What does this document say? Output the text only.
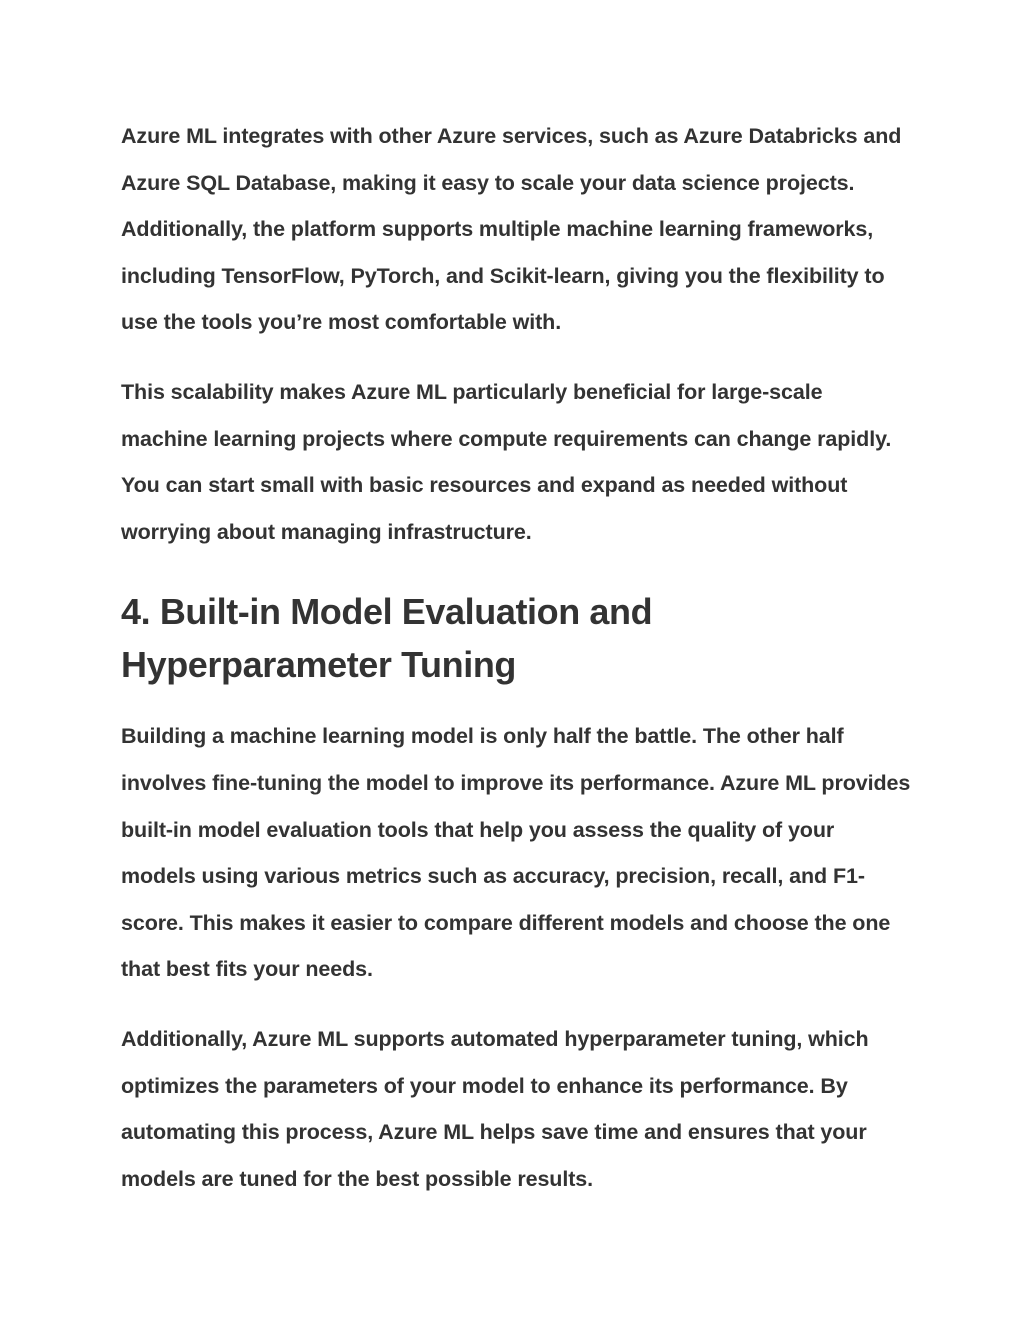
Azure ML integrates with other Azure services, such as Azure Databricks and Azure SQL Database, making it easy to scale your data science projects. Additionally, the platform supports multiple machine learning frameworks, including TensorFlow, PyTorch, and Scikit-learn, giving you the flexibility to use the tools you’re most comfortable with.

This scalability makes Azure ML particularly beneficial for large-scale machine learning projects where compute requirements can change rapidly. You can start small with basic resources and expand as needed without worrying about managing infrastructure.

4. Built-in Model Evaluation and Hyperparameter Tuning

Building a machine learning model is only half the battle. The other half involves fine-tuning the model to improve its performance. Azure ML provides built-in model evaluation tools that help you assess the quality of your models using various metrics such as accuracy, precision, recall, and F1-score. This makes it easier to compare different models and choose the one that best fits your needs.

Additionally, Azure ML supports automated hyperparameter tuning, which optimizes the parameters of your model to enhance its performance. By automating this process, Azure ML helps save time and ensures that your models are tuned for the best possible results.
